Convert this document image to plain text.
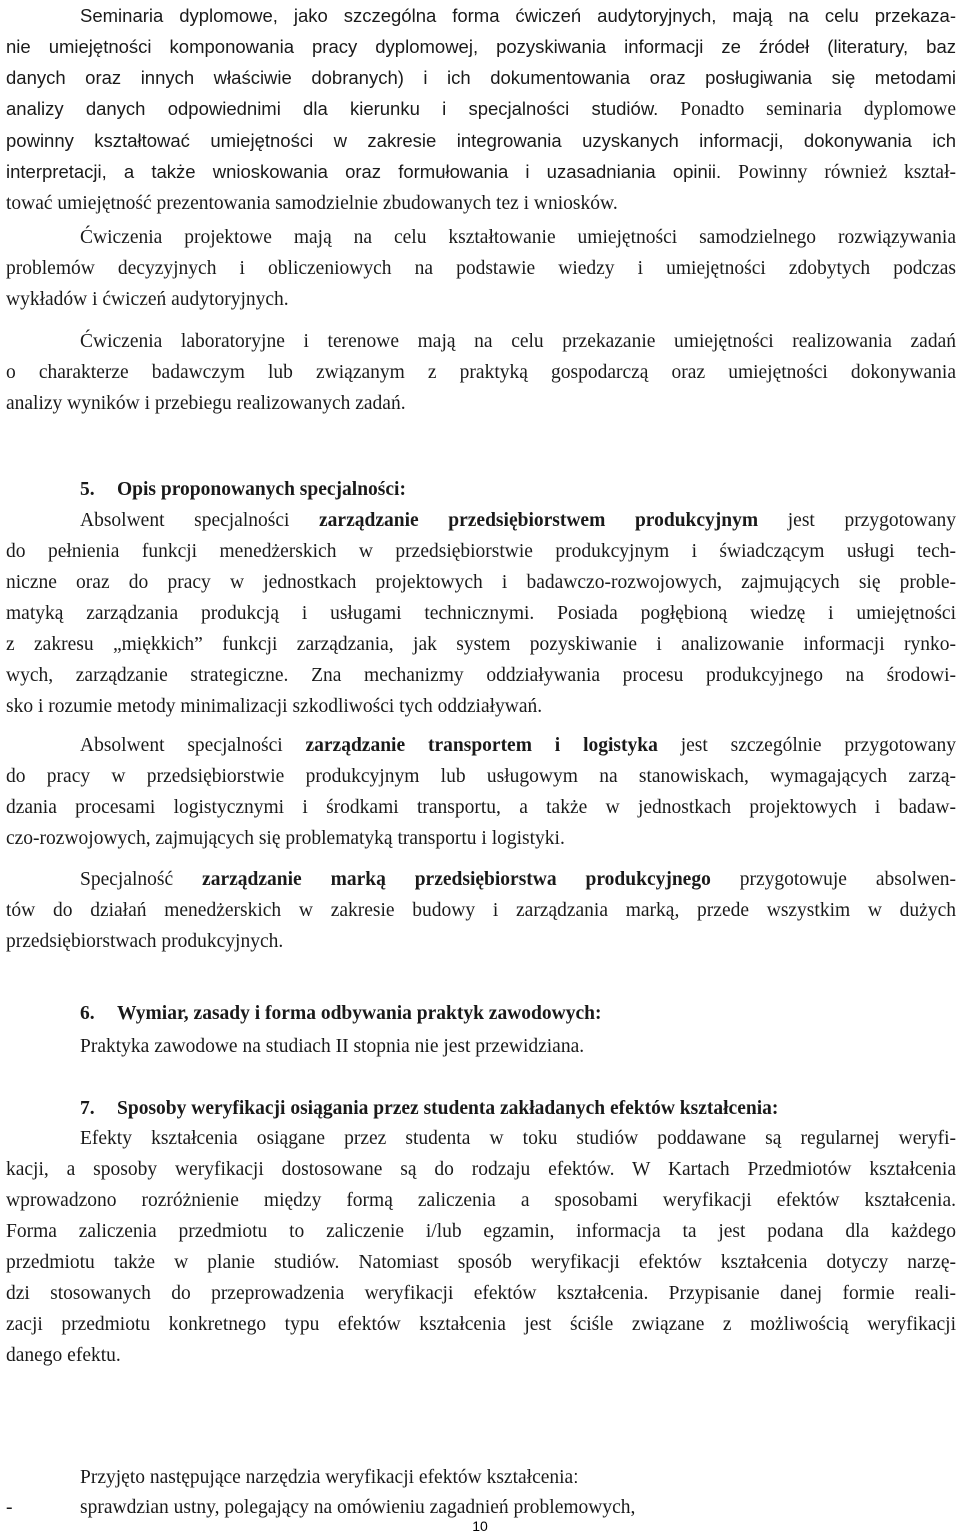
Seminaria dyplomowe, jako szczególna forma ćwiczeń audytoryjnych, mają na celu przekaza-
nie umiejętności komponowania pracy dyplomowej, pozyskiwania informacji ze źródeł (literatury, baz
danych oraz innych właściwie dobranych) i ich dokumentowania oraz posługiwania się metodami
analizy danych odpowiednimi dla kierunku i specjalności studiów. Ponadto seminaria dyplomowe
powinny kształtować umiejętności w zakresie integrowania uzyskanych informacji, dokonywania ich
interpretacji, a także wnioskowania oraz formułowania i uzasadniania opinii. Powinny również kształ-
tować umiejętność prezentowania samodzielnie zbudowanych tez i wniosków.
Ćwiczenia projektowe mają na celu kształtowanie umiejętności samodzielnego rozwiązywania
problemów decyzyjnych i obliczeniowych na podstawie wiedzy i umiejętności zdobytych podczas
wykładów i ćwiczeń audytoryjnych.
Ćwiczenia laboratoryjne i terenowe mają na celu przekazanie umiejętności realizowania zadań
o charakterze badawczym lub związanym z praktyką gospodarczą oraz umiejętności dokonywania
analizy wyników i przebiegu realizowanych zadań.
5. Opis proponowanych specjalności:
Absolwent specjalności zarządzanie przedsiębiorstwem produkcyjnym jest przygotowany
do pełnienia funkcji menedżerskich w przedsiębiorstwie produkcyjnym i świadczącym usługi tech-
niczne oraz do pracy w jednostkach projektowych i badawczo-rozwojowych, zajmujących się proble-
matyką zarządzania produkcją i usługami technicznymi. Posiada pogłębioną wiedzę i umiejętności
z zakresu „miękkich” funkcji zarządzania, jak system pozyskiwanie i analizowanie informacji rynko-
wych, zarządzanie strategiczne. Zna mechanizmy oddziaływania procesu produkcyjnego na środowi-
sko i rozumie metody minimalizacji szkodliwości tych oddziaływań.
Absolwent specjalności zarządzanie transportem i logistyka jest szczególnie przygotowany
do pracy w przedsiębiorstwie produkcyjnym lub usługowym na stanowiskach, wymagających zarzą-
dzania procesami logistycznymi i środkami transportu, a także w jednostkach projektowych i badaw-
czo-rozwojowych, zajmujących się problematyką transportu i logistyki.
Specjalność zarządzanie marką przedsiębiorstwa produkcyjnego przygotowuje absolwen-
tów do działań menedżerskich w zakresie budowy i zarządzania marką, przede wszystkim w dużych
przedsiębiorstwach produkcyjnych.
6. Wymiar, zasady i forma odbywania praktyk zawodowych:
Praktyka zawodowe na studiach II stopnia nie jest przewidziana.
7. Sposoby weryfikacji osiągania przez studenta zakładanych efektów kształcenia:
Efekty kształcenia osiągane przez studenta w toku studiów poddawane są regularnej weryfi-
kacji, a sposoby weryfikacji dostosowane są do rodzaju efektów. W Kartach Przedmiotów kształcenia
wprowadzono rozróżnienie między formą zaliczenia a sposobami weryfikacji efektów kształcenia.
Forma zaliczenia przedmiotu to zaliczenie i/lub egzamin, informacja ta jest podana dla każdego
przedmiotu także w planie studiów. Natomiast sposób weryfikacji efektów kształcenia dotyczy narzę-
dzi stosowanych do przeprowadzenia weryfikacji efektów kształcenia. Przypisanie danej formie reali-
zacji przedmiotu konkretnego typu efektów kształcenia jest ściśle związane z możliwością weryfikacji
danego efektu.
Przyjęto następujące narzędzia weryfikacji efektów kształcenia:
-	sprawdzian ustny, polegający na omówieniu zagadnień problemowych,
10
